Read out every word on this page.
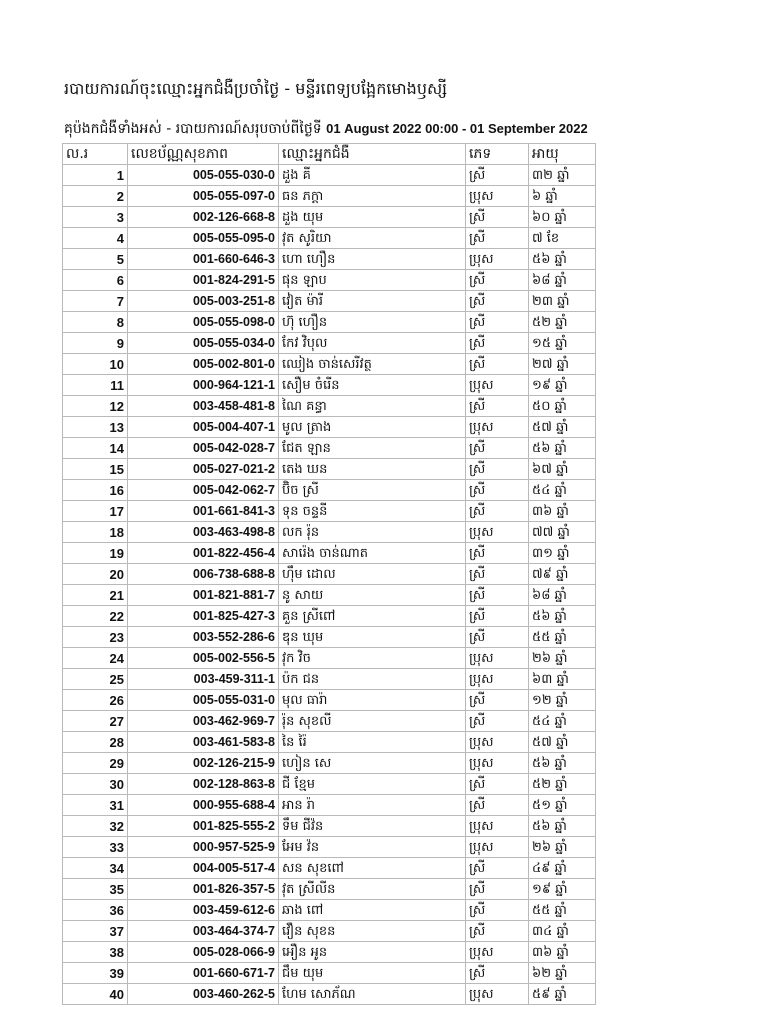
របាយការណ៍ចុះឈ្មោះអ្នកជំងឺប្រចាំថ្ងៃ - មន្ទីរពេទ្យបង្អែកមោងឫស្សី
គុប៉ងកជំងឺទាំងអស់ - របាយការណ៍សរុបចាប់ពីថ្ងៃទី 01 August 2022 00:00 - 01 September 2022
ល.រ	លេខប័ណ្ណសុខភាព	ឈ្មោះអ្នកជំងឺ	ភេទ	អាយុ
1	005-055-030-0	ដួង គី	ស្រី	៣២ ឆ្នាំ
2	005-055-097-0	ធន ភក្តា	ប្រុស	៦ ឆ្នាំ
3	002-126-668-8	ដួង យុម	ស្រី	៦០ ឆ្នាំ
4	005-055-095-0	វុត សូរិយា	ស្រី	៧ ខែ
5	001-660-646-3	ហោ ហឿន	ប្រុស	៥៦ ឆ្នាំ
6	001-824-291-5	ផុន ឡាប	ស្រី	៦៨ ឆ្នាំ
7	005-003-251-8	វៀត ម៉ារី	ស្រី	២៣ ឆ្នាំ
8	005-055-098-0	ហ៊ុ ហឿន	ស្រី	៥២ ឆ្នាំ
9	005-055-034-0	កែវ វិបុល	ស្រី	១៥ ឆ្នាំ
10	005-002-801-0	ឈៀង ចាន់សេរីវត្ថ	ស្រី	២៧ ឆ្នាំ
11	000-964-121-1	សឿម ចំរើន	ប្រុស	១៩ ឆ្នាំ
12	003-458-481-8	ណៃ គន្ធា	ស្រី	៥០ ឆ្នាំ
13	005-004-407-1	មូល ត្រាង	ប្រុស	៥៧ ឆ្នាំ
14	005-042-028-7	ជែត ឡាន	ស្រី	៥៦ ឆ្នាំ
15	005-027-021-2	តេង ឃន	ស្រី	៦៧ ឆ្នាំ
16	005-042-062-7	ប៊ិច ស្រី	ស្រី	៥៤ ឆ្នាំ
17	001-661-841-3	ទុន ចន្ទនី	ស្រី	៣៦ ឆ្នាំ
18	003-463-498-8	លក រ៉ុន	ប្រុស	៧៧ ឆ្នាំ
19	001-822-456-4	សារ៉េង ចាន់ណាត	ស្រី	៣១ ឆ្នាំ
20	006-738-688-8	ហ៊ឹម ដោល	ស្រី	៧៩ ឆ្នាំ
21	001-821-881-7	នូ សាយ	ស្រី	៦៨ ឆ្នាំ
22	001-825-427-3	គួន ស្រីពៅ	ស្រី	៥៦ ឆ្នាំ
23	003-552-286-6	ឌុន ឃុម	ស្រី	៥៥ ឆ្នាំ
24	005-002-556-5	វុក វិច	ប្រុស	២៦ ឆ្នាំ
25	003-459-311-1	ប៉ក ជន	ប្រុស	៦៣ ឆ្នាំ
26	005-055-031-0	មុល ធារ៉ា	ស្រី	១២ ឆ្នាំ
27	003-462-969-7	រ៉ុន សុខលី	ស្រី	៥៤ ឆ្នាំ
28	003-461-583-8	នៃ រ៉ៃ	ប្រុស	៥៧ ឆ្នាំ
29	002-126-215-9	ហៀន សេ	ប្រុស	៥៦ ឆ្នាំ
30	002-128-863-8	ជី ខ្មែម	ស្រី	៥២ ឆ្នាំ
31	000-955-688-4	អាន រ៉ា	ស្រី	៥១ ឆ្នាំ
32	001-825-555-2	ទឹម ជីវ៉ន	ប្រុស	៥៦ ឆ្នាំ
33	000-957-525-9	អែម វ៉ន	ប្រុស	២៦ ឆ្នាំ
34	004-005-517-4	សន សុខពៅ	ស្រី	៤៩ ឆ្នាំ
35	001-826-357-5	វុត ស្រីលីន	ស្រី	១៩ ឆ្នាំ
36	003-459-612-6	ឆាង ពៅ	ស្រី	៥៥ ឆ្នាំ
37	003-464-374-7	វឿន សុខន	ស្រី	៣៤ ឆ្នាំ
38	005-028-066-9	អឿន អូន	ប្រុស	៣៦ ឆ្នាំ
39	001-660-671-7	ជឹម យុម	ស្រី	៦២ ឆ្នាំ
40	003-460-262-5	ហែម សោភ័ណ	ប្រុស	៥៩ ឆ្នាំ
